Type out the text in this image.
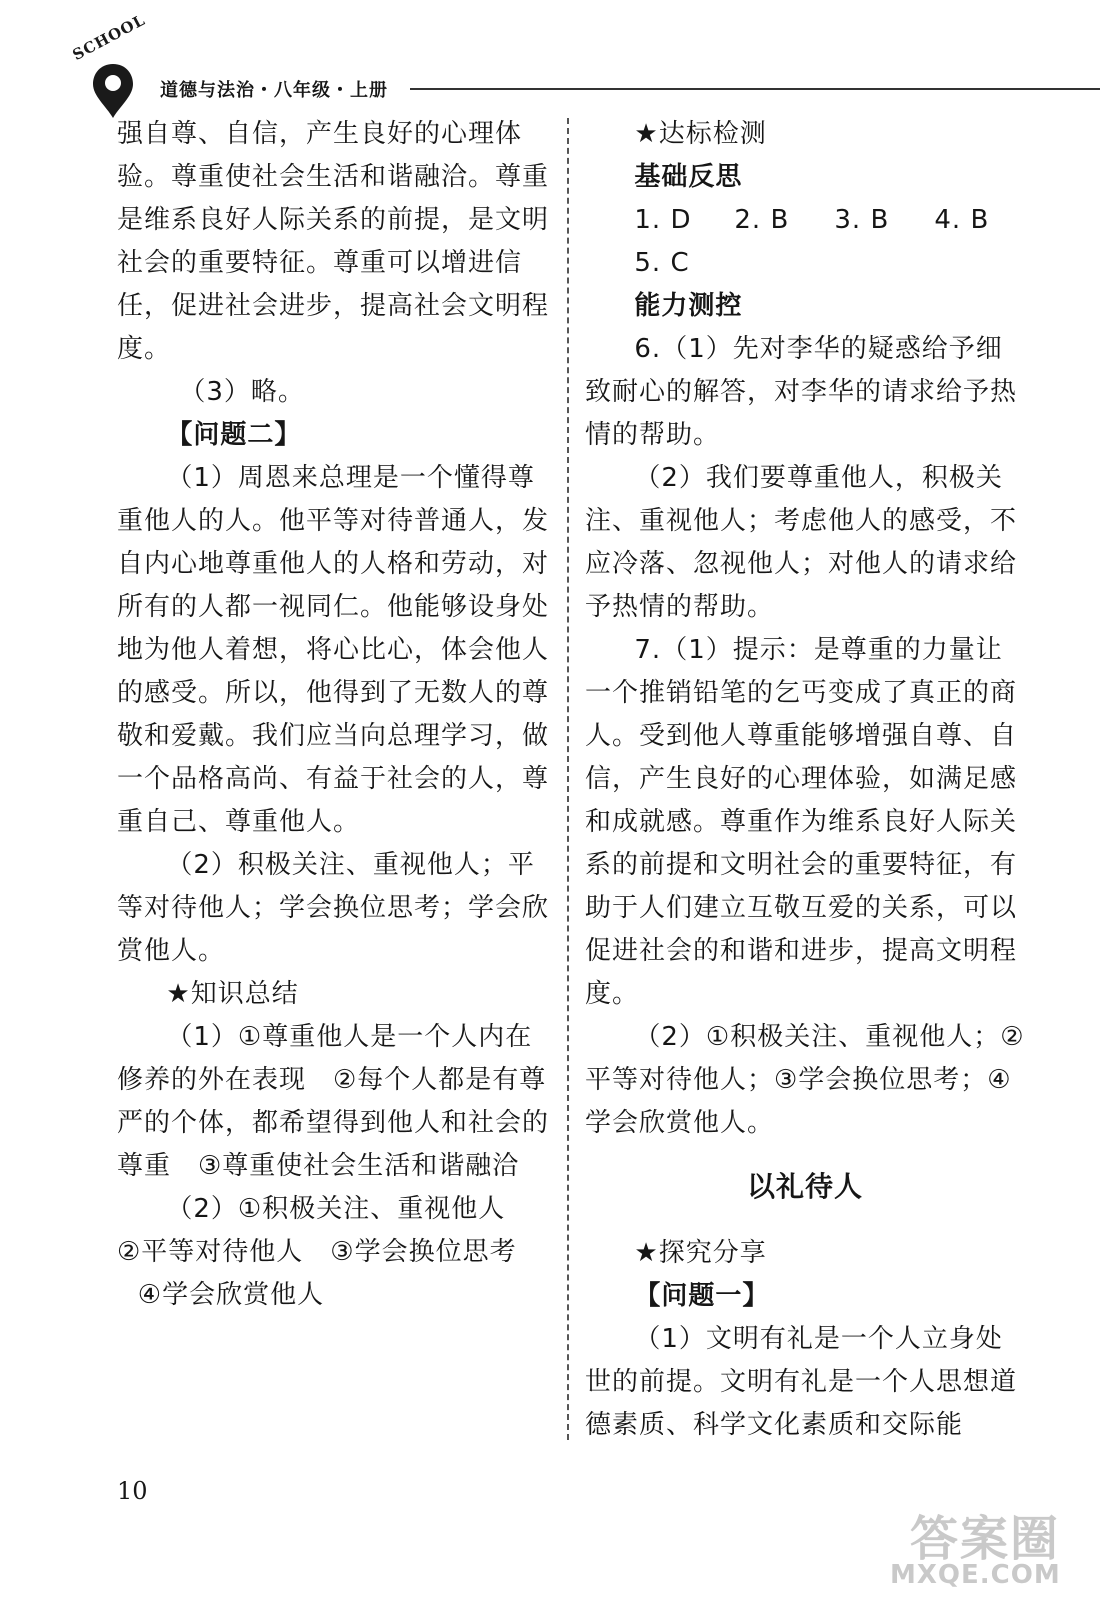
SCHOOL
道德与法治・八年级・上册

强自尊、自信，产生良好的心理体验。尊重使社会生活和谐融洽。尊重是维系良好人际关系的前提，是文明社会的重要特征。尊重可以增进信任，促进社会进步，提高社会文明程度。

（3）略。

【问题二】

（1）周恩来总理是一个懂得尊重他人的人。他平等对待普通人，发自内心地尊重他人的人格和劳动，对所有的人都一视同仁。他能够设身处地为他人着想，将心比心，体会他人的感受。所以，他得到了无数人的尊敬和爱戴。我们应当向总理学习，做一个品格高尚、有益于社会的人，尊重自己、尊重他人。

（2）积极关注、重视他人；平等对待他人；学会换位思考；学会欣赏他人。

★知识总结

（1）①尊重他人是一个人内在修养的外在表现　②每个人都是有尊严的个体，都希望得到他人和社会的尊重　③尊重使社会生活和谐融洽

（2）①积极关注、重视他人

②平等对待他人　③学会换位思考

④学会欣赏他人

★达标检测

基础反思

1. D 2. B 3. B 4. B

5. C

能力测控

6.（1）先对李华的疑惑给予细致耐心的解答，对李华的请求给予热情的帮助。

（2）我们要尊重他人，积极关注、重视他人；考虑他人的感受，不应冷落、忽视他人；对他人的请求给予热情的帮助。

7.（1）提示：是尊重的力量让一个推销铅笔的乞丐变成了真正的商人。受到他人尊重能够增强自尊、自信，产生良好的心理体验，如满足感和成就感。尊重作为维系良好人际关系的前提和文明社会的重要特征，有助于人们建立互敬互爱的关系，可以促进社会的和谐和进步，提高文明程度。

（2）①积极关注、重视他人；②平等对待他人；③学会换位思考；④学会欣赏他人。

以礼待人

★探究分享

【问题一】

（1）文明有礼是一个人立身处世的前提。文明有礼是一个人思想道德素质、科学文化素质和交际能

10
答案圈
MXQE.COM
